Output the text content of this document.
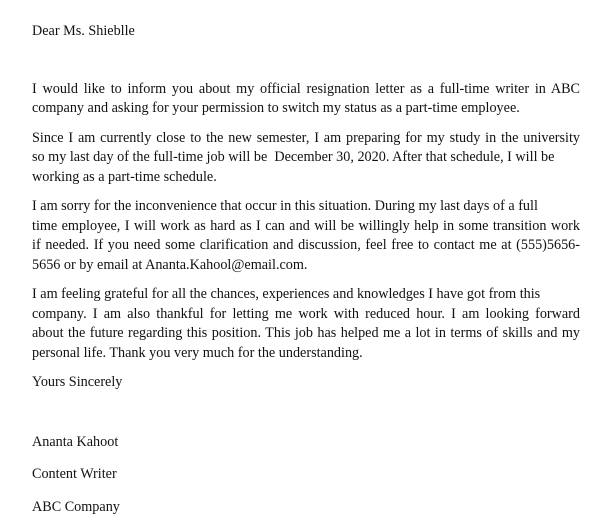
Dear Ms. Shieblle
I would like to inform you about my official resignation letter as a full-time writer in ABC
company and asking for your permission to switch my status as a part-time employee.
Since I am currently close to the new semester, I am preparing for my study in the university
so my last day of the full-time job will be  December 30, 2020. After that schedule, I will be
working as a part-time schedule.
I am sorry for the inconvenience that occur in this situation. During my last days of a full
time employee, I will work as hard as I can and will be willingly help in some transition work
if needed. If you need some clarification and discussion, feel free to contact me at (555)5656-
5656 or by email at Ananta.Kahool@email.com.
I am feeling grateful for all the chances, experiences and knowledges I have got from this
company. I am also thankful for letting me work with reduced hour. I am looking forward
about the future regarding this position. This job has helped me a lot in terms of skills and my
personal life. Thank you very much for the understanding.
Yours Sincerely
Ananta Kahoot
Content Writer
ABC Company
